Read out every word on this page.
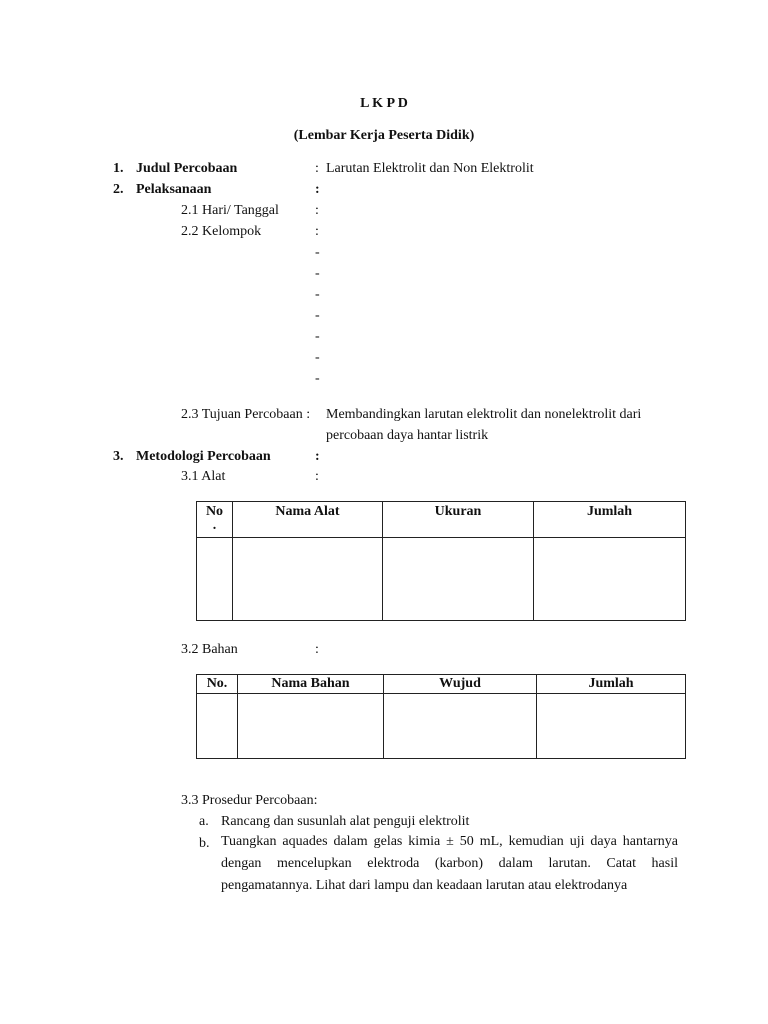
L K P D
(Lembar Kerja Peserta Didik)
1. Judul Percobaan	: Larutan Elektrolit dan Non Elektrolit
2. Pelaksanaan	:
2.1 Hari/ Tanggal	:
2.2 Kelompok	:
-
-
-
-
-
-
-
2.3 Tujuan Percobaan : Membandingkan larutan elektrolit dan nonelektrolit dari
percobaan daya hantar listrik
3. Metodologi Percobaan	:
3.1 Alat	:
No
.	Nama Alat	Ukuran	Jumlah

3.2 Bahan	:
No.	Nama Bahan	Wujud	Jumlah

3.3 Prosedur Percobaan:
a. Rancang dan susunlah alat penguji elektrolit
b. Tuangkan aquades dalam gelas kimia ± 50 mL, kemudian uji daya hantarnya dengan mencelupkan elektroda (karbon) dalam larutan. Catat hasil pengamatannya. Lihat dari lampu dan keadaan larutan atau elektrodanya
